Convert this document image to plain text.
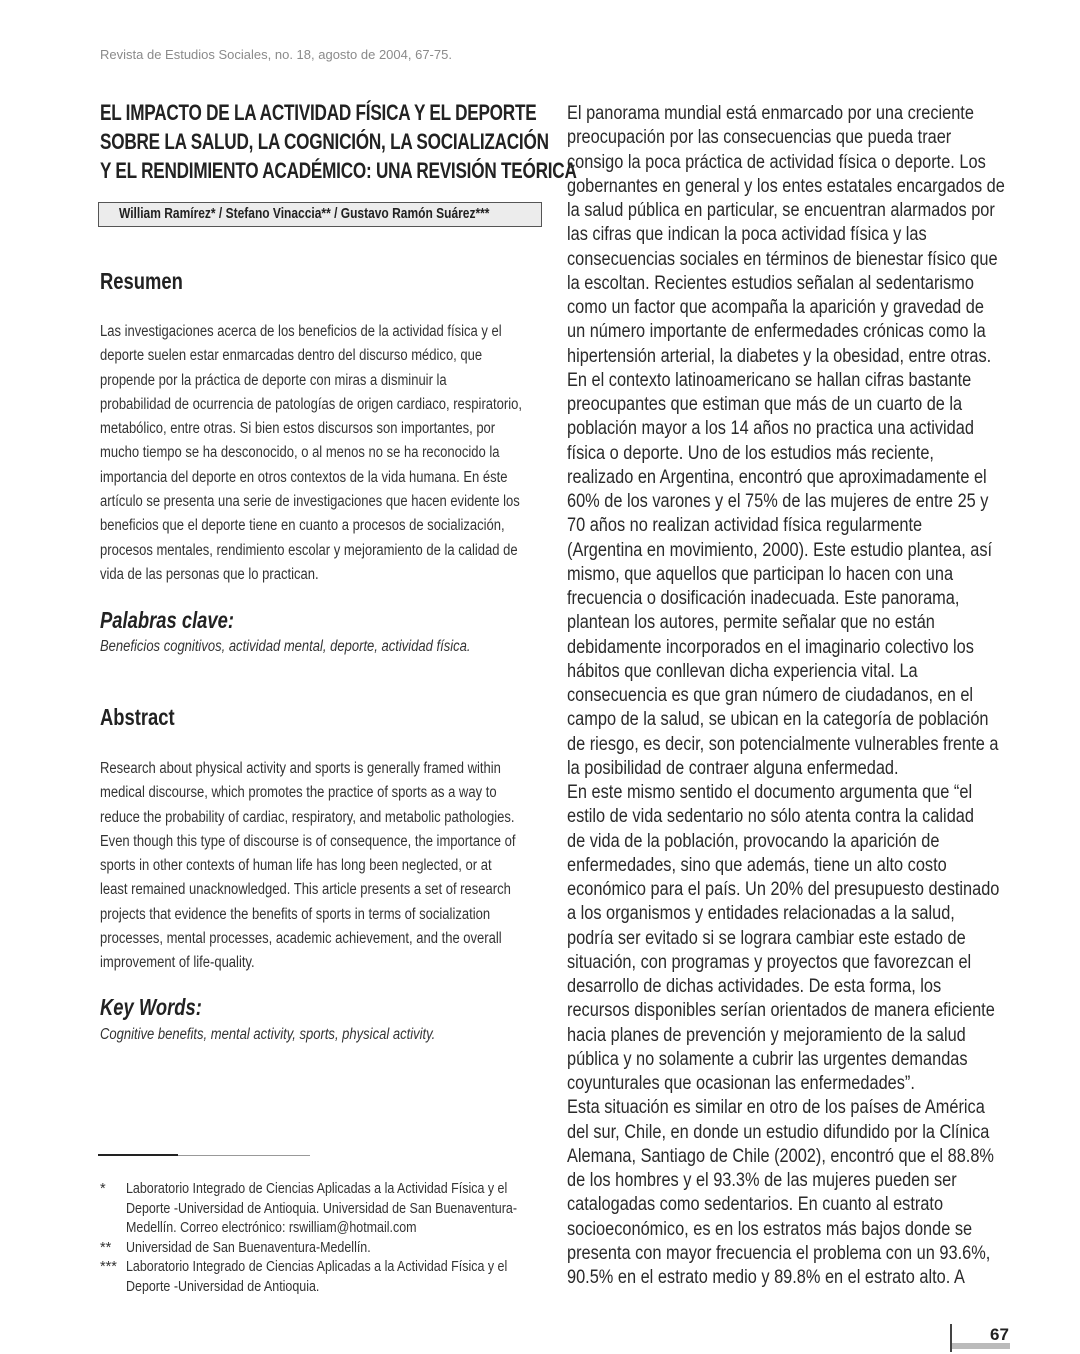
Revista de Estudios Sociales, no. 18, agosto de 2004, 67-75.
EL IMPACTO DE LA ACTIVIDAD FÍSICA Y EL DEPORTE
SOBRE LA SALUD, LA COGNICIÓN, LA SOCIALIZACIÓN
Y EL RENDIMIENTO ACADÉMICO: UNA REVISIÓN TEÓRICA
William Ramírez* / Stefano Vinaccia** / Gustavo Ramón Suárez***
Resumen
Las investigaciones acerca de los beneficios de la actividad física y el
deporte suelen estar enmarcadas dentro del discurso médico, que
propende por la práctica de deporte con miras a disminuir la
probabilidad de ocurrencia de patologías de origen cardiaco, respiratorio,
metabólico, entre otras. Si bien estos discursos son importantes, por
mucho tiempo se ha desconocido, o al menos no se ha reconocido la
importancia del deporte en otros contextos de la vida humana. En éste
artículo se presenta una serie de investigaciones que hacen evidente los
beneficios que el deporte tiene en cuanto a procesos de socialización,
procesos mentales, rendimiento escolar y mejoramiento de la calidad de
vida de las personas que lo practican.
Palabras clave:
Beneficios cognitivos, actividad mental, deporte, actividad física.
Abstract
Research about physical activity and sports is generally framed within
medical discourse, which promotes the practice of sports as a way to
reduce the probability of cardiac, respiratory, and metabolic pathologies.
Even though this type of discourse is of consequence, the importance of
sports in other contexts of human life has long been neglected, or at
least remained unacknowledged. This article presents a set of research
projects that evidence the benefits of sports in terms of socialization
processes, mental processes, academic achievement, and the overall
improvement of life-quality.
Key Words:
Cognitive benefits, mental activity, sports, physical activity.
*	Laboratorio Integrado de Ciencias Aplicadas a la Actividad Física y el
Deporte -Universidad de Antioquia. Universidad de San Buenaventura-
Medellín. Correo electrónico: rswilliam@hotmail.com
**	Universidad de San Buenaventura-Medellín.
*** Laboratorio Integrado de Ciencias Aplicadas a la Actividad Física y el
Deporte -Universidad de Antioquia.
El panorama mundial está enmarcado por una creciente
preocupación por las consecuencias que pueda traer
consigo la poca práctica de actividad física o deporte. Los
gobernantes en general y los entes estatales encargados de
la salud pública en particular, se encuentran alarmados por
las cifras que indican la poca actividad física y las
consecuencias sociales en términos de bienestar físico que
la escoltan. Recientes estudios señalan al sedentarismo
como un factor que acompaña la aparición y gravedad de
un número importante de enfermedades crónicas como la
hipertensión arterial, la diabetes y la obesidad, entre otras.
En el contexto latinoamericano se hallan cifras bastante
preocupantes que estiman que más de un cuarto de la
población mayor a los 14 años no practica una actividad
física o deporte. Uno de los estudios más reciente,
realizado en Argentina, encontró que aproximadamente el
60% de los varones y el 75% de las mujeres de entre 25 y
70 años no realizan actividad física regularmente
(Argentina en movimiento, 2000). Este estudio plantea, así
mismo, que aquellos que participan lo hacen con una
frecuencia o dosificación inadecuada. Este panorama,
plantean los autores, permite señalar que no están
debidamente incorporados en el imaginario colectivo los
hábitos que conllevan dicha experiencia vital. La
consecuencia es que gran número de ciudadanos, en el
campo de la salud, se ubican en la categoría de población
de riesgo, es decir, son potencialmente vulnerables frente a
la posibilidad de contraer alguna enfermedad.
En este mismo sentido el documento argumenta que “el
estilo de vida sedentario no sólo atenta contra la calidad
de vida de la población, provocando la aparición de
enfermedades, sino que además, tiene un alto costo
económico para el país. Un 20% del presupuesto destinado
a los organismos y entidades relacionadas a la salud,
podría ser evitado si se lograra cambiar este estado de
situación, con programas y proyectos que favorezcan el
desarrollo de dichas actividades. De esta forma, los
recursos disponibles serían orientados de manera eficiente
hacia planes de prevención y mejoramiento de la salud
pública y no solamente a cubrir las urgentes demandas
coyunturales que ocasionan las enfermedades”.
Esta situación es similar en otro de los países de América
del sur, Chile, en donde un estudio difundido por la Clínica
Alemana, Santiago de Chile (2002), encontró que el 88.8%
de los hombres y el 93.3% de las mujeres pueden ser
catalogadas como sedentarios. En cuanto al estrato
socioeconómico, es en los estratos más bajos donde se
presenta con mayor frecuencia el problema con un 93.6%,
90.5% en el estrato medio y 89.8% en el estrato alto. A
67
